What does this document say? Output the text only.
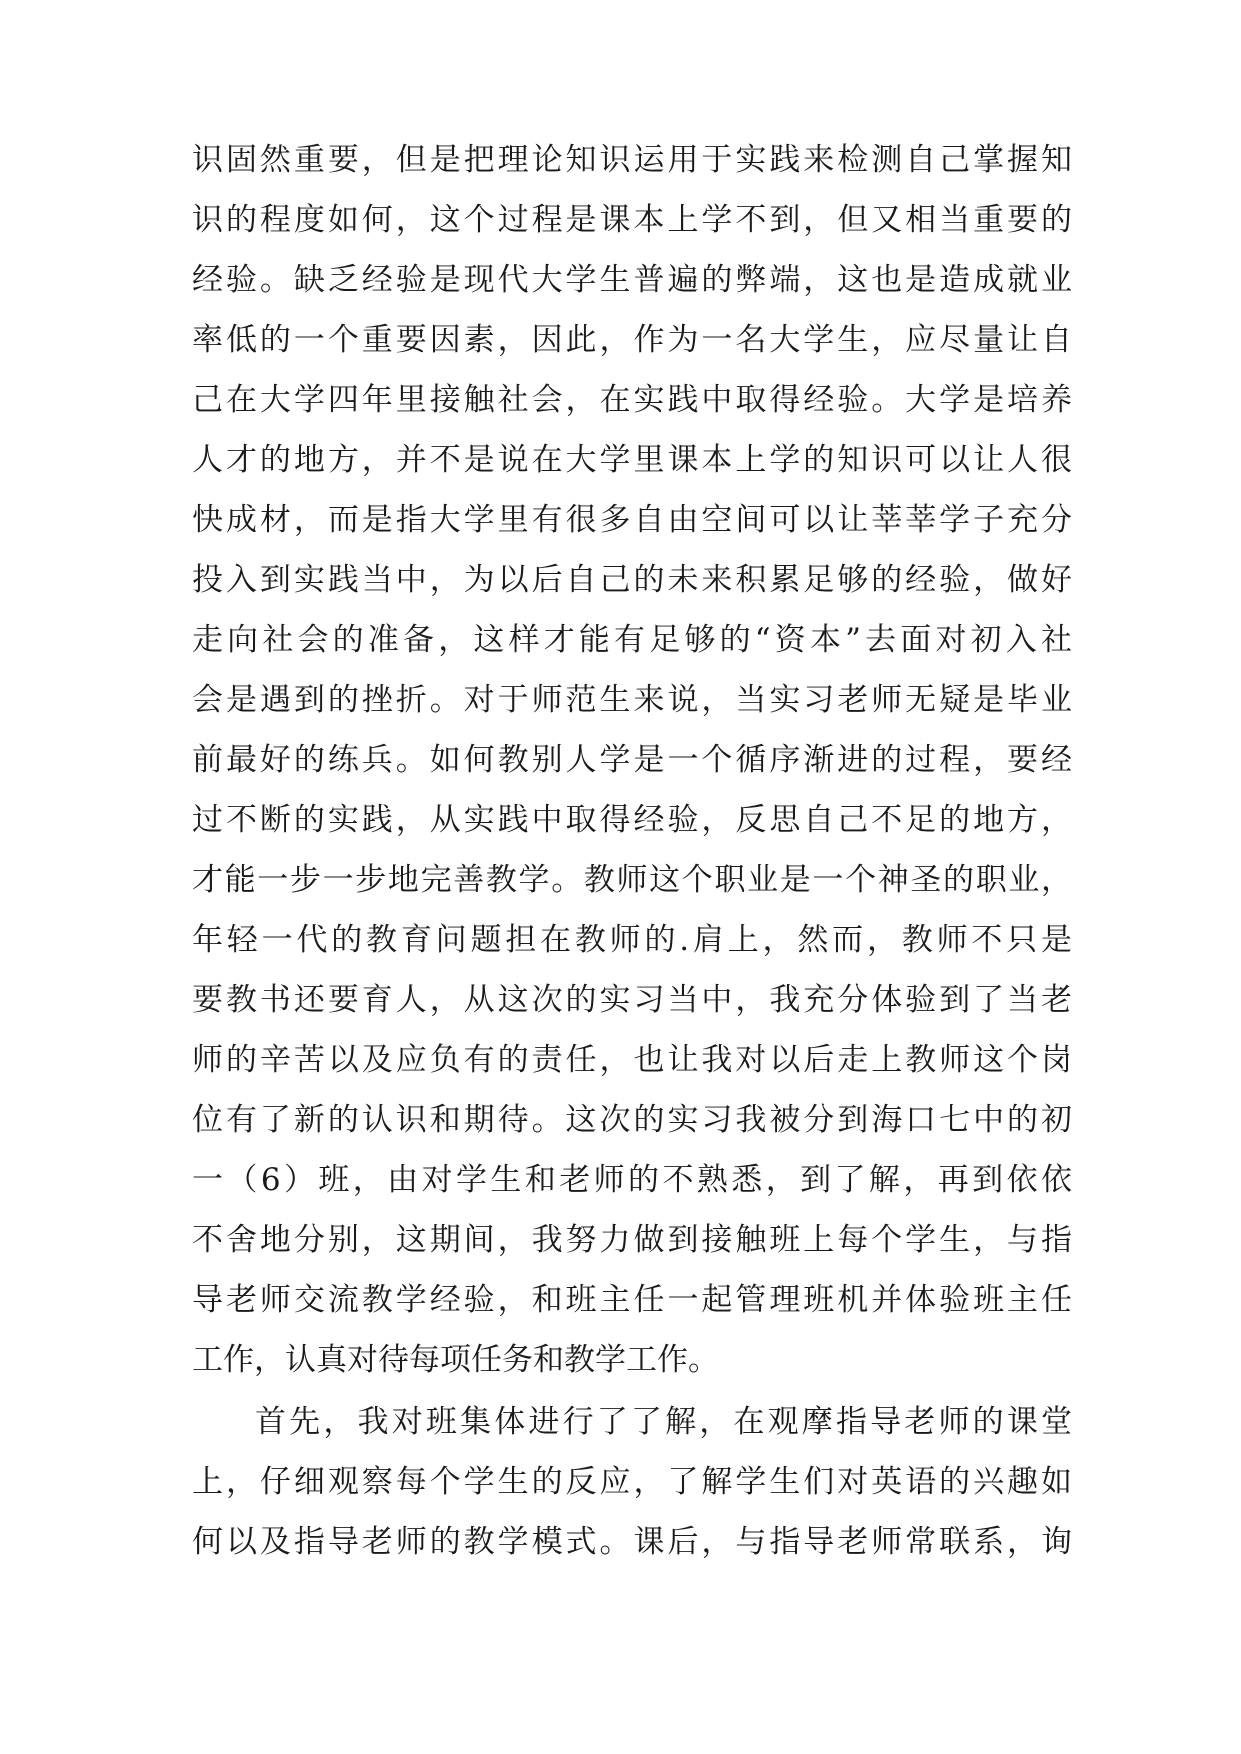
识固然重要，但是把理论知识运用于实践来检测自己掌握知
识的程度如何，这个过程是课本上学不到，但又相当重要的
经验。缺乏经验是现代大学生普遍的弊端，这也是造成就业
率低的一个重要因素，因此，作为一名大学生，应尽量让自
己在大学四年里接触社会，在实践中取得经验。大学是培养
人才的地方，并不是说在大学里课本上学的知识可以让人很
快成材，而是指大学里有很多自由空间可以让莘莘学子充分
投入到实践当中，为以后自己的未来积累足够的经验，做好
走向社会的准备，这样才能有足够的“资本”去面对初入社
会是遇到的挫折。对于师范生来说，当实习老师无疑是毕业
前最好的练兵。如何教别人学是一个循序渐进的过程，要经
过不断的实践，从实践中取得经验，反思自己不足的地方，
才能一步一步地完善教学。教师这个职业是一个神圣的职业，
年轻一代的教育问题担在教师的.肩上，然而，教师不只是
要教书还要育人，从这次的实习当中，我充分体验到了当老
师的辛苦以及应负有的责任，也让我对以后走上教师这个岗
位有了新的认识和期待。这次的实习我被分到海口七中的初
一（6）班，由对学生和老师的不熟悉，到了解，再到依依
不舍地分别，这期间，我努力做到接触班上每个学生，与指
导老师交流教学经验，和班主任一起管理班机并体验班主任
工作，认真对待每项任务和教学工作。
首先，我对班集体进行了了解，在观摩指导老师的课堂
上，仔细观察每个学生的反应，了解学生们对英语的兴趣如
何以及指导老师的教学模式。课后，与指导老师常联系，询
